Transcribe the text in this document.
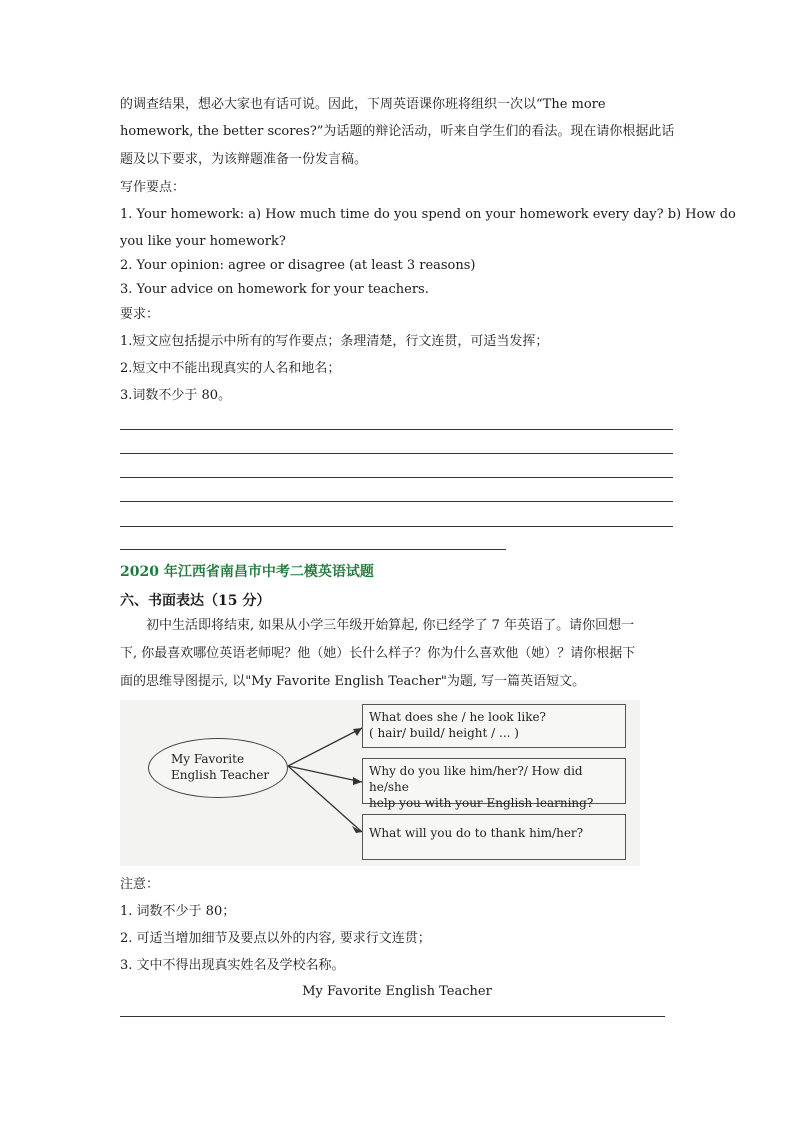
的调查结果，想必大家也有话可说。因此，下周英语课你班将组织一次以“The more
homework, the better scores?”为话题的辩论活动，听来自学生们的看法。现在请你根据此话
题及以下要求，为该辩题准备一份发言稿。
写作要点：
1. Your homework: a) How much time do you spend on your homework every day? b) How do
you like your homework?
2. Your opinion: agree or disagree (at least 3 reasons)
3. Your advice on homework for your teachers.
要求：
1.短文应包括提示中所有的写作要点；条理清楚，行文连贯，可适当发挥；
2.短文中不能出现真实的人名和地名；
3.词数不少于 80。
2020 年江西省南昌市中考二模英语试题
六、书面表达（15 分）
初中生活即将结束, 如果从小学三年级开始算起, 你已经学了 7 年英语了。请你回想一
下, 你最喜欢哪位英语老师呢？他（她）长什么样子？你为什么喜欢他（她）？请你根据下
面的思维导图提示, 以"My Favorite English Teacher"为题, 写一篇英语短文。
My Favorite
English Teacher
What does she / he look like?
( hair/ build/ height / ... )
Why do you like him/her?/ How did he/she
help you with your English learning?
What will you do to thank him/her?
注意：
1. 词数不少于 80；
2. 可适当增加细节及要点以外的内容, 要求行文连贯；
3. 文中不得出现真实姓名及学校名称。
My Favorite English Teacher
